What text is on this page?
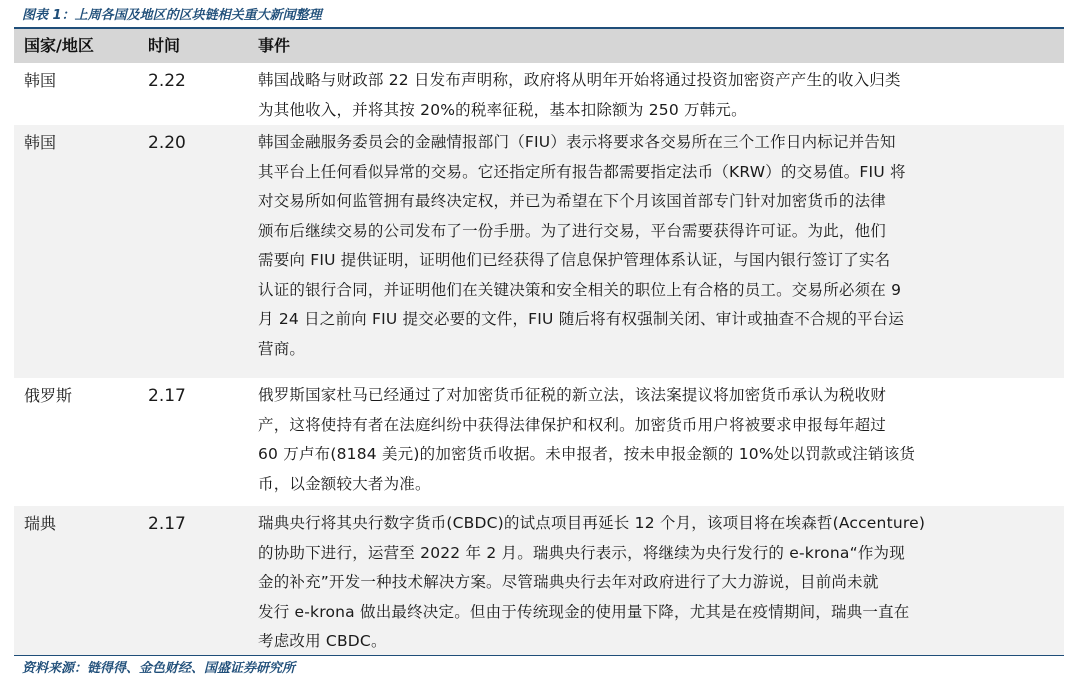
图表 1：上周各国及地区的区块链相关重大新闻整理
国家/地区	时间	事件
韩国	2.22	韩国战略与财政部 22 日发布声明称，政府将从明年开始将通过投资加密资产产生的收入归类
为其他收入，并将其按 20%的税率征税，基本扣除额为 250 万韩元。
韩国	2.20	韩国金融服务委员会的金融情报部门（FIU）表示将要求各交易所在三个工作日内标记并告知
其平台上任何看似异常的交易。它还指定所有报告都需要指定法币（KRW）的交易值。FIU 将
对交易所如何监管拥有最终决定权，并已为希望在下个月该国首部专门针对加密货币的法律
颁布后继续交易的公司发布了一份手册。为了进行交易，平台需要获得许可证。为此，他们
需要向 FIU 提供证明，证明他们已经获得了信息保护管理体系认证，与国内银行签订了实名
认证的银行合同，并证明他们在关键决策和安全相关的职位上有合格的员工。交易所必须在 9
月 24 日之前向 FIU 提交必要的文件，FIU 随后将有权强制关闭、审计或抽查不合规的平台运
营商。
俄罗斯	2.17	俄罗斯国家杜马已经通过了对加密货币征税的新立法，该法案提议将加密货币承认为税收财
产，这将使持有者在法庭纠纷中获得法律保护和权利。加密货币用户将被要求申报每年超过
60 万卢布(8184 美元)的加密货币收据。未申报者，按未申报金额的 10%处以罚款或注销该货
币，以金额较大者为准。
瑞典	2.17	瑞典央行将其央行数字货币(CBDC)的试点项目再延长 12 个月，该项目将在埃森哲(Accenture)
的协助下进行，运营至 2022 年 2 月。瑞典央行表示，将继续为央行发行的 e-krona“作为现
金的补充”开发一种技术解决方案。尽管瑞典央行去年对政府进行了大力游说，目前尚未就
发行 e-krona 做出最终决定。但由于传统现金的使用量下降，尤其是在疫情期间，瑞典一直在
考虑改用 CBDC。
资料来源：链得得、金色财经、国盛证券研究所
